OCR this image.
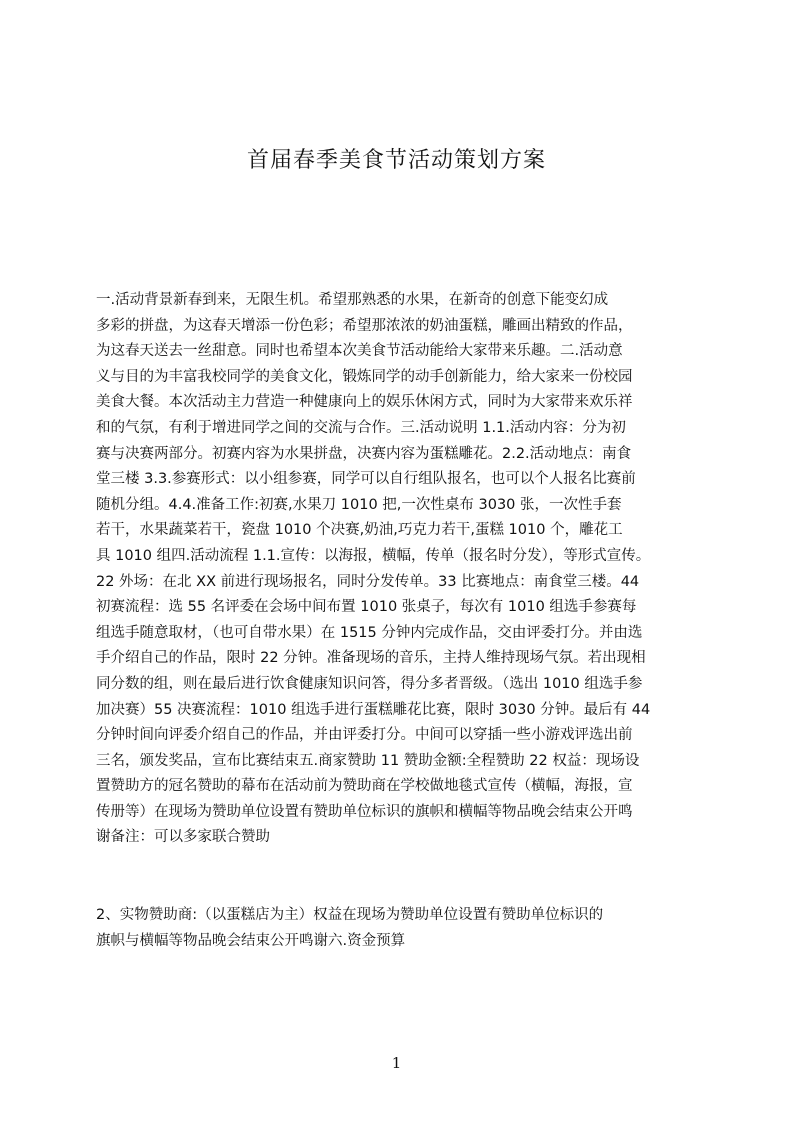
首届春季美食节活动策划方案
一.活动背景新春到来，无限生机。希望那熟悉的水果，在新奇的创意下能变幻成
多彩的拼盘，为这春天增添一份色彩；希望那浓浓的奶油蛋糕，雕画出精致的作品，
为这春天送去一丝甜意。同时也希望本次美食节活动能给大家带来乐趣。二.活动意
义与目的为丰富我校同学的美食文化，锻炼同学的动手创新能力，给大家来一份校园
美食大餐。本次活动主力营造一种健康向上的娱乐休闲方式，同时为大家带来欢乐祥
和的气氛，有利于增进同学之间的交流与合作。三.活动说明 1.1.活动内容：分为初
赛与决赛两部分。初赛内容为水果拼盘，决赛内容为蛋糕雕花。2.2.活动地点：南食
堂三楼 3.3.参赛形式：以小组参赛，同学可以自行组队报名，也可以个人报名比赛前
随机分组。4.4.准备工作:初赛,水果刀 1010 把,一次性桌布 3030 张，一次性手套
若干，水果蔬菜若干，瓷盘 1010 个决赛,奶油,巧克力若干,蛋糕 1010 个，雕花工
具 1010 组四.活动流程 1.1.宣传：以海报，横幅，传单（报名时分发），等形式宣传。
22 外场：在北 XX 前进行现场报名，同时分发传单。33 比赛地点：南食堂三楼。44
初赛流程：选 55 名评委在会场中间布置 1010 张桌子，每次有 1010 组选手参赛每
组选手随意取材，（也可自带水果）在 1515 分钟内完成作品，交由评委打分。并由选
手介绍自己的作品，限时 22 分钟。准备现场的音乐，主持人维持现场气氛。若出现相
同分数的组，则在最后进行饮食健康知识问答，得分多者晋级。（选出 1010 组选手参
加决赛）55 决赛流程：1010 组选手进行蛋糕雕花比赛，限时 3030 分钟。最后有 44
分钟时间向评委介绍自己的作品，并由评委打分。中间可以穿插一些小游戏评选出前
三名，颁发奖品，宣布比赛结束五.商家赞助 11 赞助金额:全程赞助 22 权益：现场设
置赞助方的冠名赞助的幕布在活动前为赞助商在学校做地毯式宣传（横幅，海报，宣
传册等）在现场为赞助单位设置有赞助单位标识的旗帜和横幅等物品晚会结束公开鸣
谢备注：可以多家联合赞助
2、实物赞助商:（以蛋糕店为主）权益在现场为赞助单位设置有赞助单位标识的
旗帜与横幅等物品晚会结束公开鸣谢六.资金预算
1
